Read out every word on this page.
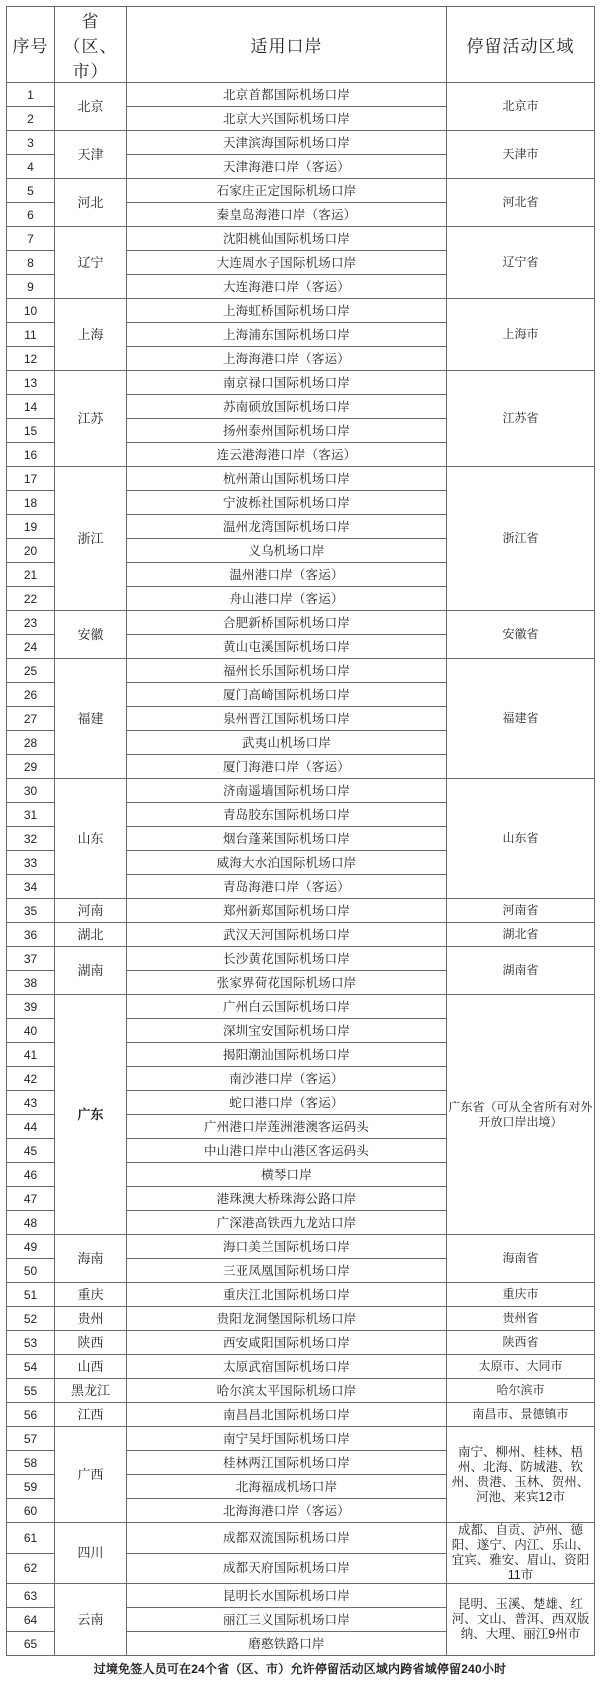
序号	省（区、市）	适用口岸	停留活动区域
1	北京	北京首都国际机场口岸	北京市
2		北京大兴国际机场口岸	
3	天津	天津滨海国际机场口岸	天津市
4		天津海港口岸（客运）	
5	河北	石家庄正定国际机场口岸	河北省
6		秦皇岛海港口岸（客运）	
7	辽宁	沈阳桃仙国际机场口岸	辽宁省
8		大连周水子国际机场口岸	
9		大连海港口岸（客运）	
10	上海	上海虹桥国际机场口岸	上海市
11		上海浦东国际机场口岸	
12		上海海港口岸（客运）	
13	江苏	南京禄口国际机场口岸	江苏省
14		苏南硕放国际机场口岸	
15		扬州泰州国际机场口岸	
16		连云港海港口岸（客运）	
17	浙江	杭州萧山国际机场口岸	浙江省
18		宁波栎社国际机场口岸	
19		温州龙湾国际机场口岸	
20		义乌机场口岸	
21		温州港口岸（客运）	
22		舟山港口岸（客运）	
23	安徽	合肥新桥国际机场口岸	安徽省
24		黄山屯溪国际机场口岸	
25	福建	福州长乐国际机场口岸	福建省
26		厦门高崎国际机场口岸	
27		泉州晋江国际机场口岸	
28		武夷山机场口岸	
29		厦门海港口岸（客运）	
30	山东	济南遥墙国际机场口岸	山东省
31		青岛胶东国际机场口岸	
32		烟台蓬莱国际机场口岸	
33		威海大水泊国际机场口岸	
34		青岛海港口岸（客运）	
35	河南	郑州新郑国际机场口岸	河南省
36	湖北	武汉天河国际机场口岸	湖北省
37	湖南	长沙黄花国际机场口岸	湖南省
38		张家界荷花国际机场口岸	
39	广东	广州白云国际机场口岸	广东省（可从全省所有对外开放口岸出境）
40		深圳宝安国际机场口岸	
41		揭阳潮汕国际机场口岸	
42		南沙港口岸（客运）	
43		蛇口港口岸（客运）	
44		广州港口岸莲洲港澳客运码头	
45		中山港口岸中山港区客运码头	
46		横琴口岸	
47		港珠澳大桥珠海公路口岸	
48		广深港高铁西九龙站口岸	
49	海南	海口美兰国际机场口岸	海南省
50		三亚凤凰国际机场口岸	
51	重庆	重庆江北国际机场口岸	重庆市
52	贵州	贵阳龙洞堡国际机场口岸	贵州省
53	陕西	西安咸阳国际机场口岸	陕西省
54	山西	太原武宿国际机场口岸	太原市、大同市
55	黑龙江	哈尔滨太平国际机场口岸	哈尔滨市
56	江西	南昌昌北国际机场口岸	南昌市、景德镇市
57	广西	南宁吴圩国际机场口岸	南宁、柳州、桂林、梧州、北海、防城港、钦州、贵港、玉林、贺州、河池、来宾12市
58		桂林两江国际机场口岸	
59		北海福成机场口岸	
60		北海海港口岸（客运）	
61	四川	成都双流国际机场口岸	成都、自贡、泸州、德阳、遂宁、内江、乐山、宜宾、雅安、眉山、资阳11市
62		成都天府国际机场口岸	
63	云南	昆明长水国际机场口岸	昆明、玉溪、楚雄、红河、文山、普洱、西双版纳、大理、丽江9州市
64		丽江三义国际机场口岸	
65		磨憨铁路口岸	
过境免签人员可在24个省（区、市）允许停留活动区域内跨省域停留240小时
